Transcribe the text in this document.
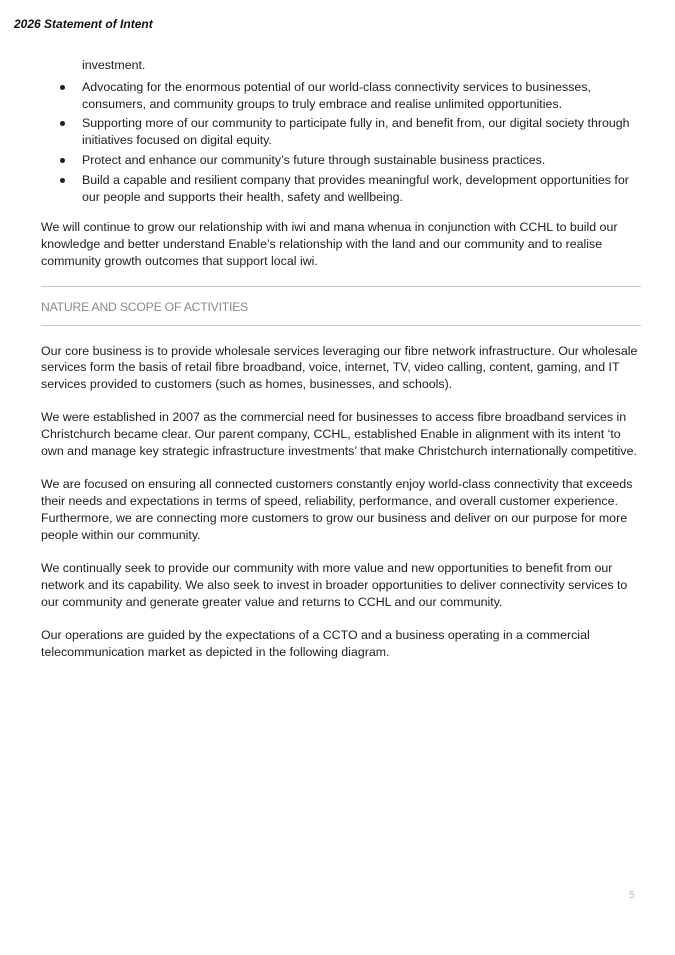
2026 Statement of Intent

investment.

Advocating for the enormous potential of our world-class connectivity services to businesses, consumers, and community groups to truly embrace and realise unlimited opportunities.
Supporting more of our community to participate fully in, and benefit from, our digital society through initiatives focused on digital equity.
Protect and enhance our community’s future through sustainable business practices.
Build a capable and resilient company that provides meaningful work, development opportunities for our people and supports their health, safety and wellbeing.

We will continue to grow our relationship with iwi and mana whenua in conjunction with CCHL to build our knowledge and better understand Enable’s relationship with the land and our community and to realise community growth outcomes that support local iwi.

NATURE AND SCOPE OF ACTIVITIES

Our core business is to provide wholesale services leveraging our fibre network infrastructure. Our wholesale services form the basis of retail fibre broadband, voice, internet, TV, video calling, content, gaming, and IT services provided to customers (such as homes, businesses, and schools).

We were established in 2007 as the commercial need for businesses to access fibre broadband services in Christchurch became clear. Our parent company, CCHL, established Enable in alignment with its intent ‘to own and manage key strategic infrastructure investments’ that make Christchurch internationally competitive.

We are focused on ensuring all connected customers constantly enjoy world-class connectivity that exceeds their needs and expectations in terms of speed, reliability, performance, and overall customer experience. Furthermore, we are connecting more customers to grow our business and deliver on our purpose for more people within our community.

We continually seek to provide our community with more value and new opportunities to benefit from our network and its capability. We also seek to invest in broader opportunities to deliver connectivity services to our community and generate greater value and returns to CCHL and our community.

Our operations are guided by the expectations of a CCTO and a business operating in a commercial telecommunication market as depicted in the following diagram.

5
